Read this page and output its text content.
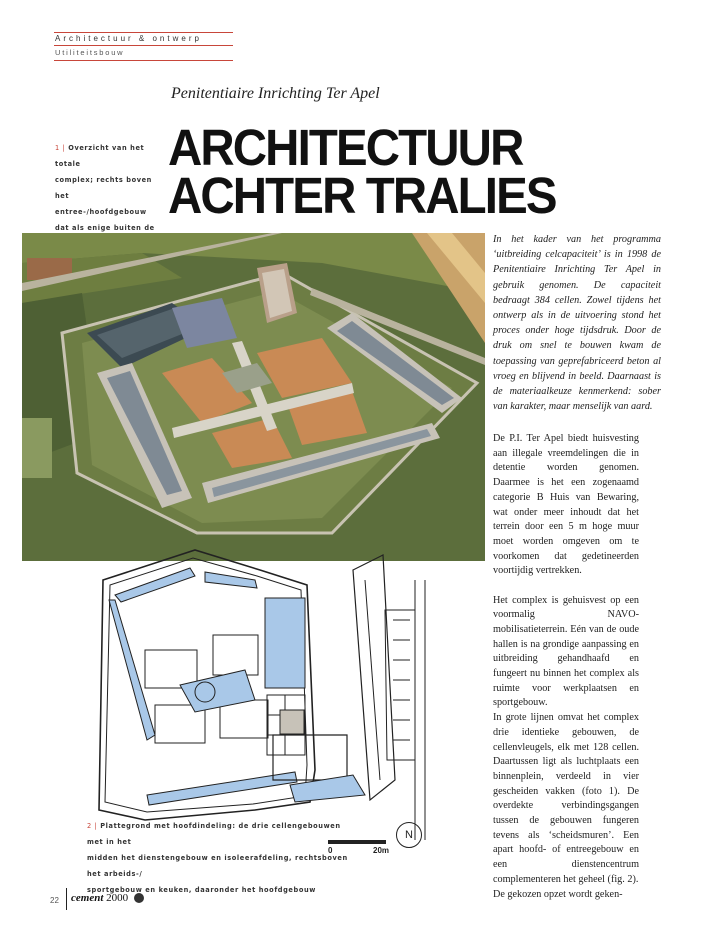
Architectuur & ontwerp
Utiliteitsbouw
Penitentiaire Inrichting Ter Apel
ARCHITECTUUR
ACHTER TRALIES
1 | Overzicht van het totale
complex; rechts boven het
entree-/hoofdgebouw
dat als enige buiten de
In het kader van het programma ‘uitbreiding celcapaciteit’ is in 1998 de Penitentiaire Inrichting Ter Apel in gebruik genomen. De capaciteit bedraagt 384 cellen. Zowel tijdens het ontwerp als in de uitvoering stond het proces onder hoge tijdsdruk. Door de druk om snel te bouwen kwam de toepassing van geprefabriceerd beton al vroeg en blijvend in beeld. Daarnaast is de materiaalkeuze kenmerkend: sober van karakter, maar menselijk van aard.

De P.I. Ter Apel biedt huisvesting aan illegale vreemdelingen die in detentie worden genomen. Daarmee is het een zogenaamd categorie B Huis van Bewaring, wat onder meer inhoudt dat het terrein door een 5 m hoge muur moet worden omgeven om te voorkomen dat gedetineerden voortijdig vertrekken.

Het complex is gehuisvest op een voormalig NAVO-mobilisatieterrein. Eén van de oude hallen is na grondige aanpassing en uitbreiding gehandhaafd en fungeert nu binnen het complex als ruimte voor werkplaatsen en sportgebouw.

In grote lijnen omvat het complex drie identieke gebouwen, de cellenvleugels, elk met 128 cellen. Daartussen ligt als luchtplaats een binnenplein, verdeeld in vier gescheiden vakken (foto 1). De overdekte verbindingsgangen tussen de gebouwen fungeren tevens als ‘scheidsmuren’. Een apart hoofd- of entreegebouw en een dienstencentrum complementeren het geheel (fig. 2).

De gekozen opzet wordt geken-

N
0	20m
2 | Plattegrond met hoofdindeling: de drie cellengebouwen met in het
midden het dienstengebouw en isoleerafdeling, rechtsboven het arbeids-/
sportgebouw en keuken, daaronder het hoofdgebouw
22 cement 2000
